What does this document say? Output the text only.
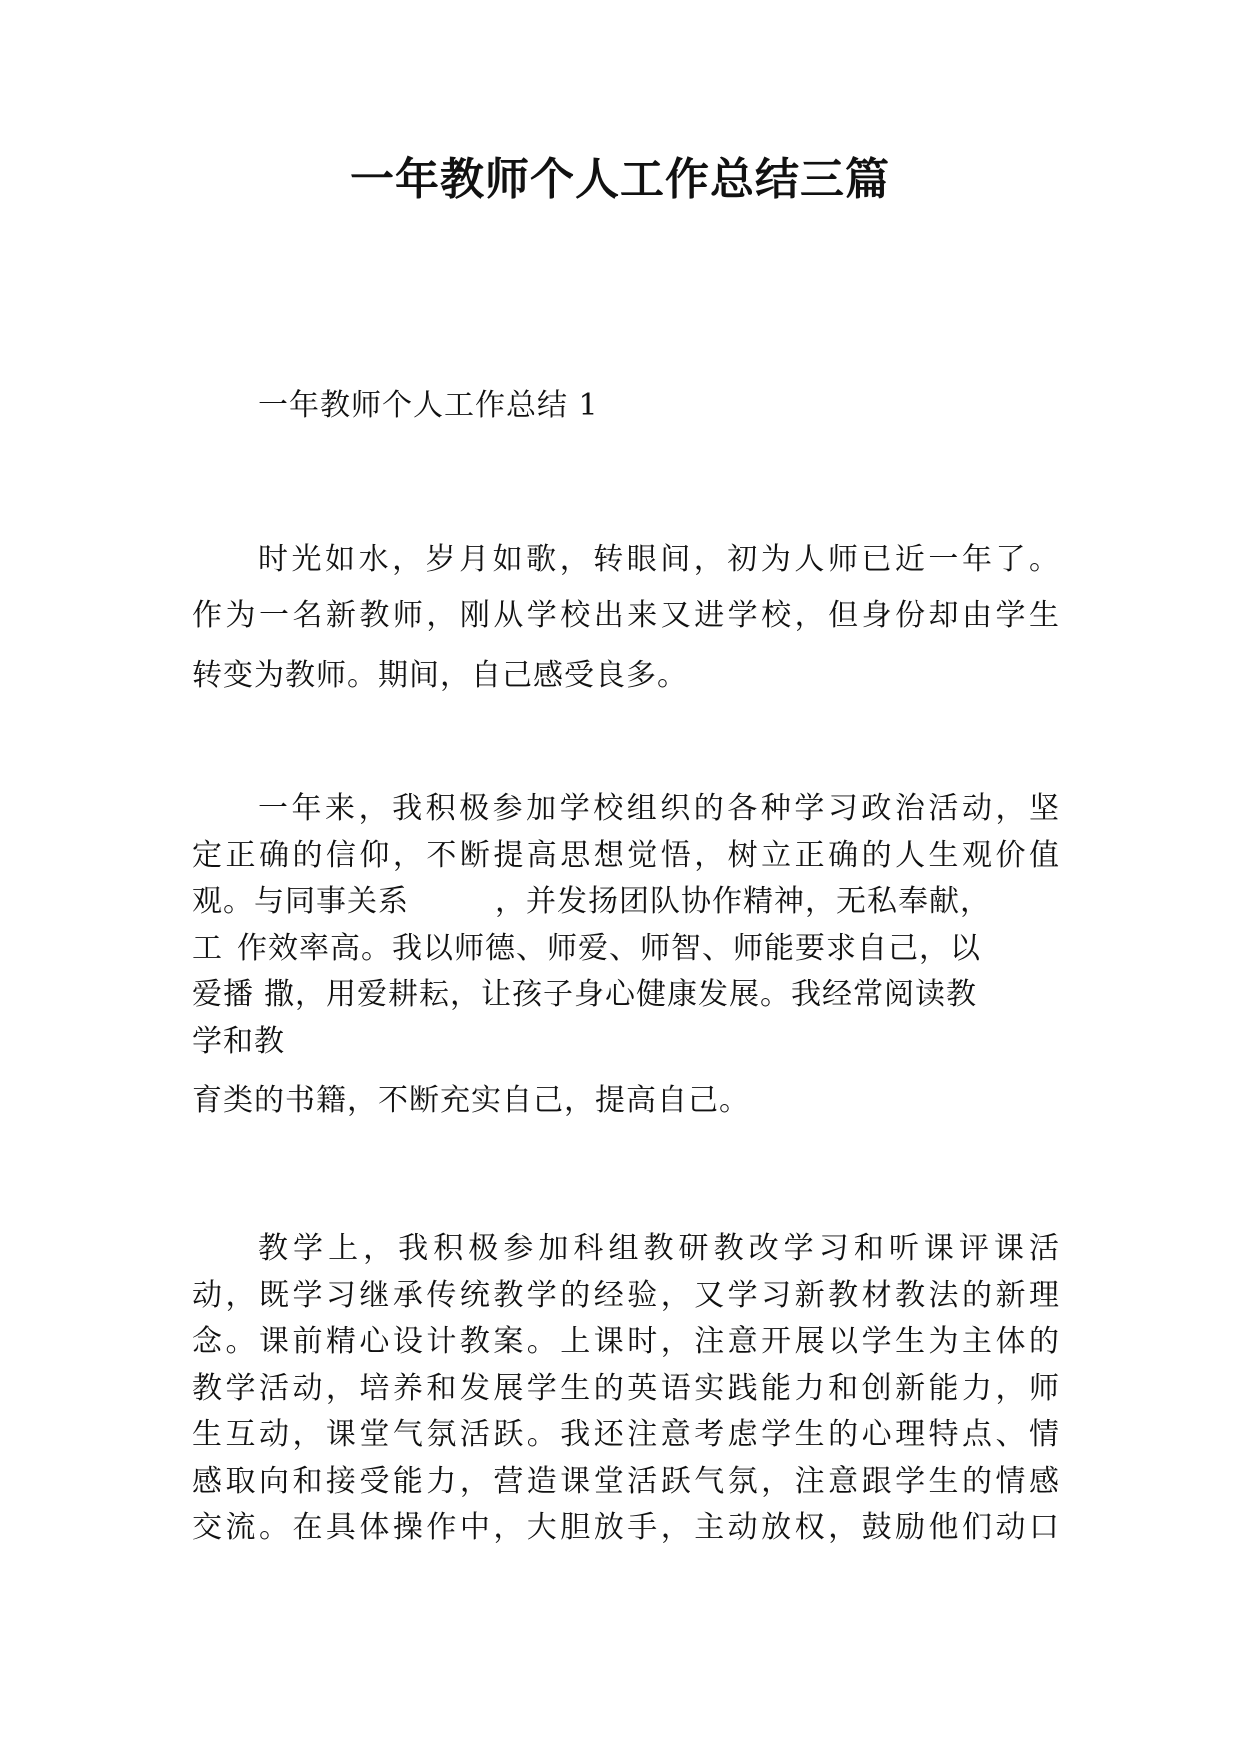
一年教师个人工作总结三篇
一年教师个人工作总结 1
时光如水，岁月如歌，转眼间，初为人师已近一年了。
作为一名新教师，刚从学校出来又进学校，但身份却由学生
转变为教师。期间，自己感受良多。
一年来，我积极参加学校组织的各种学习政治活动，坚
定正确的信仰，不断提高思想觉悟，树立正确的人生观价值
观。与同事关系	，并发扬团队协作精神，无私奉献，
工 作效率高。我以师德、师爱、师智、师能要求自己，以
爱播 撒，用爱耕耘，让孩子身心健康发展。我经常阅读教
学和教
育类的书籍，不断充实自己，提高自己。
教学上，我积极参加科组教研教改学习和听课评课活
动，既学习继承传统教学的经验，又学习新教材教法的新理
念。课前精心设计教案。上课时，注意开展以学生为主体的
教学活动，培养和发展学生的英语实践能力和创新能力，师
生互动，课堂气氛活跃。我还注意考虑学生的心理特点、情
感取向和接受能力，营造课堂活跃气氛，注意跟学生的情感
交流。在具体操作中，大胆放手，主动放权，鼓励他们动口
